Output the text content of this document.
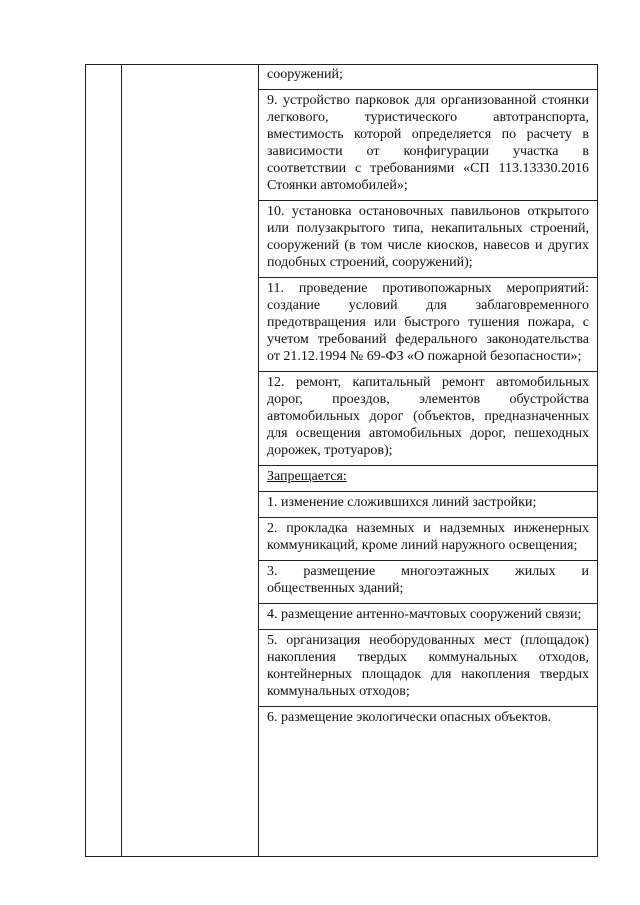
сооружений;
9. устройство парковок для организованной стоянки легкового, туристического автотранспорта, вместимость которой определяется по расчету в зависимости от конфигурации участка в соответствии с требованиями «СП 113.13330.2016 Стоянки автомобилей»;
10. установка остановочных павильонов открытого или полузакрытого типа, некапитальных строений, сооружений (в том числе киосков, навесов и других подобных строений, сооружений);
11. проведение противопожарных мероприятий: создание условий для заблаговременного предотвращения или быстрого тушения пожара, с учетом требований федерального законодательства от 21.12.1994 № 69-ФЗ «О пожарной безопасности»;
12. ремонт, капитальный ремонт автомобильных дорог, проездов, элементов обустройства автомобильных дорог (объектов, предназначенных для освещения автомобильных дорог, пешеходных дорожек, тротуаров);
Запрещается:
1. изменение сложившихся линий застройки;
2. прокладка наземных и надземных инженерных коммуникаций, кроме линий наружного освещения;
3. размещение многоэтажных жилых и общественных зданий;
4. размещение антенно-мачтовых сооружений связи;
5. организация необорудованных мест (площадок) накопления твердых коммунальных отходов, контейнерных площадок для накопления твердых коммунальных отходов;
6. размещение экологически опасных объектов.
